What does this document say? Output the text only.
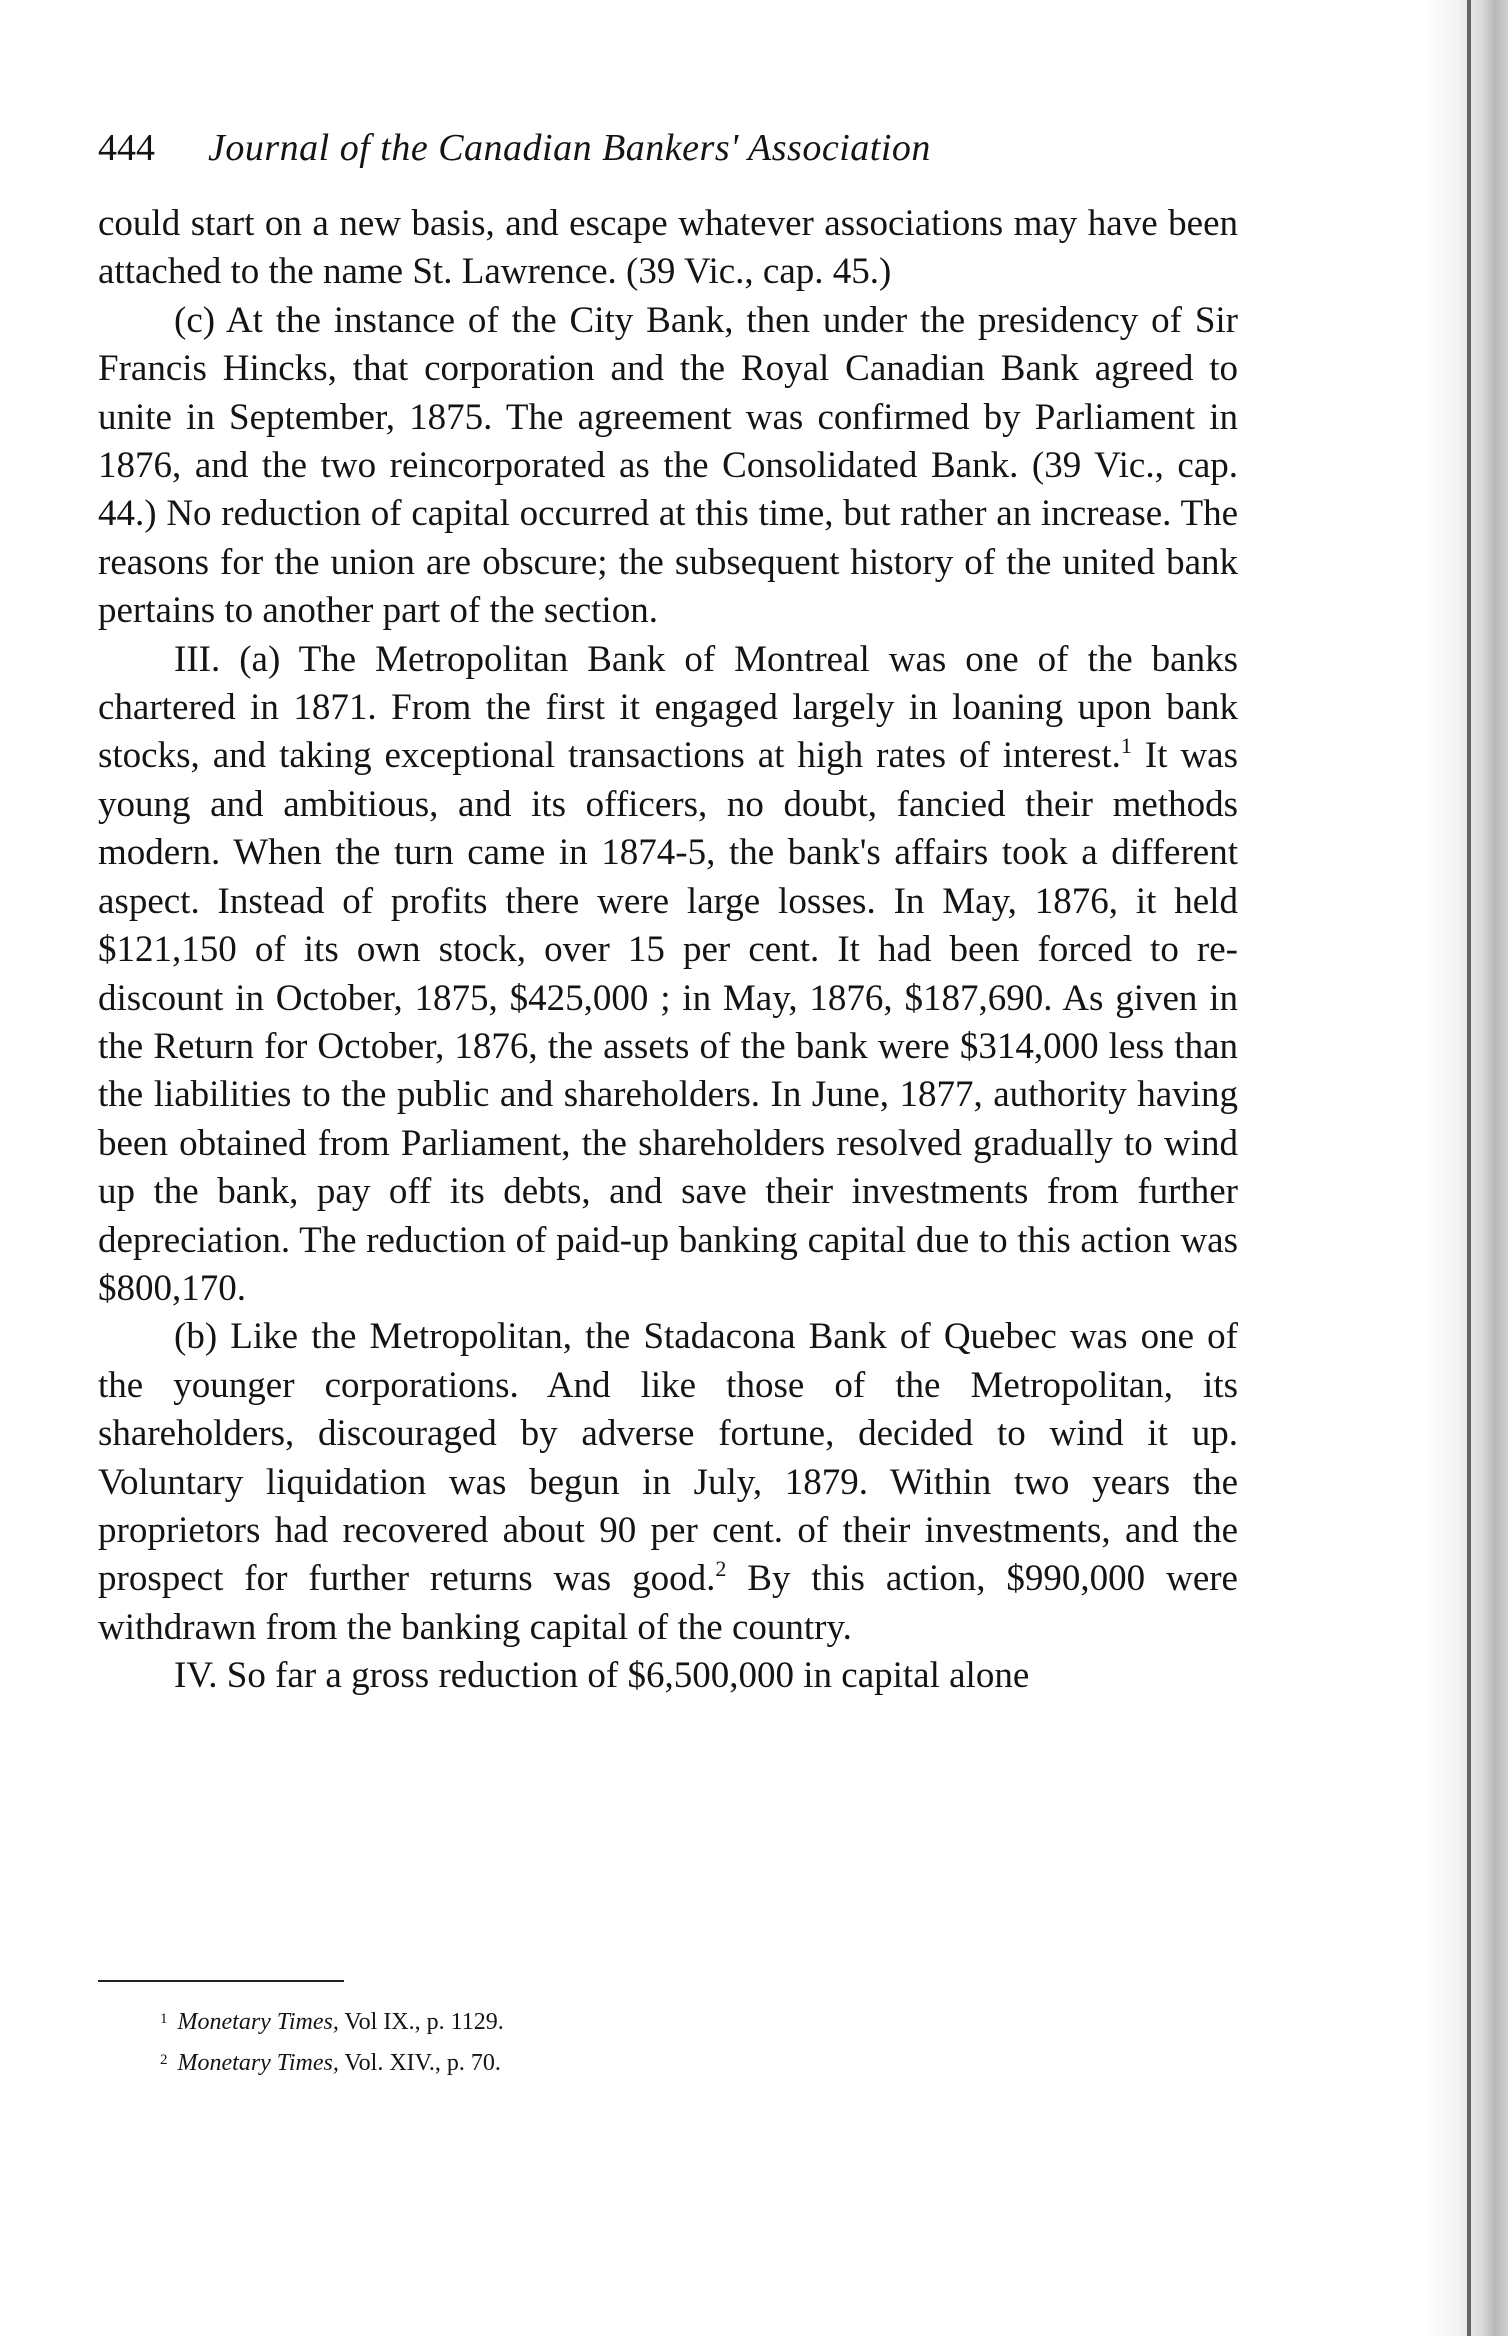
444 Journal of the Canadian Bankers' Association

could start on a new basis, and escape whatever associations may have been attached to the name St. Lawrence. (39 Vic., cap. 45.)

(c) At the instance of the City Bank, then under the presidency of Sir Francis Hincks, that corporation and the Royal Canadian Bank agreed to unite in September, 1875. The agreement was confirmed by Parliament in 1876, and the two reincorporated as the Consolidated Bank. (39 Vic., cap. 44.) No reduction of capital occurred at this time, but rather an increase. The reasons for the union are obscure; the subsequent history of the united bank pertains to another part of the section.

III. (a) The Metropolitan Bank of Montreal was one of the banks chartered in 1871. From the first it engaged largely in loaning upon bank stocks, and taking exceptional transactions at high rates of interest.$^1$ It was young and ambitious, and its officers, no doubt, fancied their methods modern. When the turn came in 1874-5, the bank's affairs took a different aspect. Instead of profits there were large losses. In May, 1876, it held $121,150 of its own stock, over 15 per cent. It had been forced to re-discount in October, 1875, $425,000 ; in May, 1876, $187,690. As given in the Return for October, 1876, the assets of the bank were $314,000 less than the liabilities to the public and shareholders. In June, 1877, authority having been obtained from Parliament, the shareholders resolved gradually to wind up the bank, pay off its debts, and save their investments from further depreciation. The reduction of paid-up banking capital due to this action was $800,170.

(b) Like the Metropolitan, the Stadacona Bank of Quebec was one of the younger corporations. And like those of the Metropolitan, its shareholders, discouraged by adverse fortune, decided to wind it up. Voluntary liquidation was begun in July, 1879. Within two years the proprietors had recovered about 90 per cent. of their investments, and the prospect for further returns was good.$^2$ By this action, $990,000 were withdrawn from the banking capital of the country.

IV. So far a gross reduction of $6,500,000 in capital alone

$^1$ Monetary Times, Vol IX., p. 1129.

$^2$ Monetary Times, Vol. XIV., p. 70.
